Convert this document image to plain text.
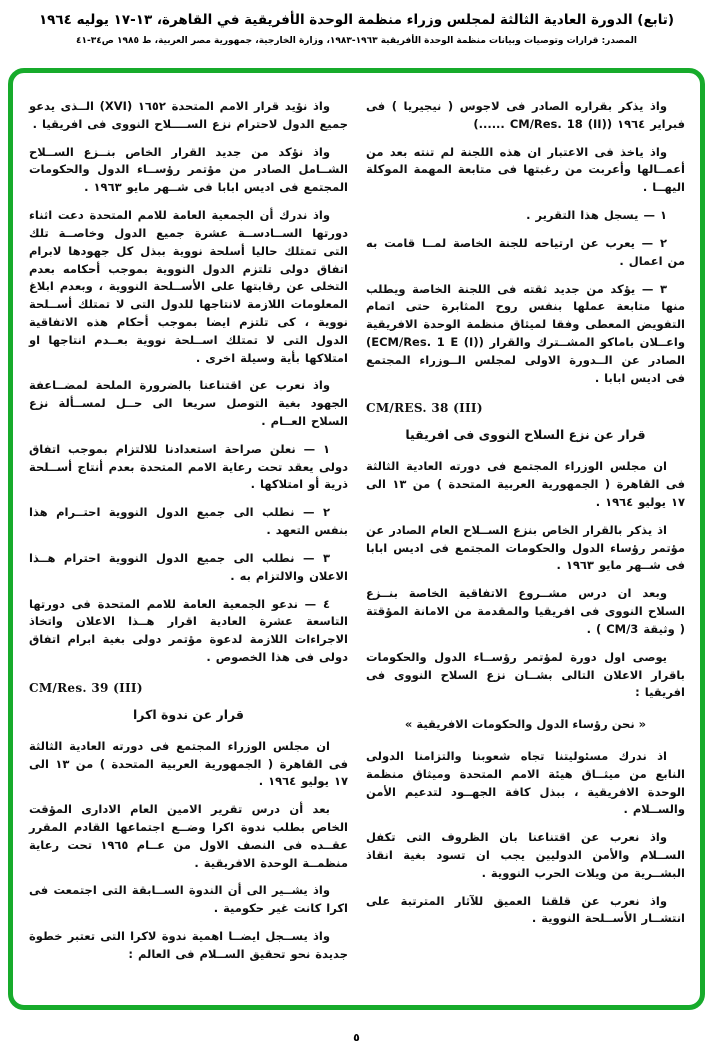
(تابع) الدورة العادية الثالثة لمجلس وزراء منظمة الوحدة الأفريقية في القاهرة، ١٣-١٧ يوليه ١٩٦٤
المصدر: قرارات وتوصيات وبيانات منظمة الوحدة الأفريقية ١٩٦٣-١٩٨٣، وزارة الخارجية، جمهورية مصر العربية، ط ١٩٨٥ ص٣٤-٤١

واذ يذكر بقراره الصادر فى لاجوس ( نيجيريا ) فى فبراير ١٩٦٤ (CM/Res. 18 (II) ......)

واذ ياخذ فى الاعتبار ان هذه اللجنة لم تنته بعد من أعمــالها وأعربت من رغبتها فى متابعة المهمة الموكلة اليهــا .

١ — يسجل هذا التقرير .

٢ — يعرب عن ارتياحه للجنة الخاصة لمــا قامت به من اعمال .

٣ — يؤكد من جديد ثقته فى اللجنة الخاصة ويطلب منها متابعة عملها بنفس روح المثابرة حتى اتمام التفويض المعطى وفقا لميثاق منظمة الوحدة الافريقية واعــلان باماكو المشــترك والقرار (ECM/Res. 1 E (I)) الصادر عن الــدورة الاولى لمجلس الــوزراء المجتمع فى اديس ابابا .

CM/RES. 38 (III)
قرار عن نزع السلاح النووى فى افريقيا

ان مجلس الوزراء المجتمع فى دورته العادية الثالثة فى القاهرة ( الجمهورية العربية المتحدة ) من ١٣ الى ١٧ يوليو ١٩٦٤ .

اذ يذكر بالقرار الخاص بنزع الســلاح العام الصادر عن مؤتمر رؤساء الدول والحكومات المجتمع فى اديس ابابا فى شــهر مايو ١٩٦٣ .

وبعد ان درس مشــروع الاتفاقية الخاصة بنــزع السلاح النووى فى افريقيا والمقدمة من الامانة المؤقتة ( وثيقة CM/3 ) .

يوصى اول دورة لمؤتمر رؤســاء الدول والحكومات باقرار الاعلان التالى بشــان نزع السلاح النووى فى افريقيا :

« نحن رؤساء الدول والحكومات الافريقية »

اذ ندرك مسئوليتنا تجاه شعوبنا والتزامنا الدولى النابع من ميثــاق هيئة الامم المتحدة وميثاق منظمة الوحدة الافريقية ، ببذل كافة الجهــود لتدعيم الأمن والســلام .

واذ نعرب عن اقتناعنا بان الظروف التى تكفل الســلام والأمن الدوليين يجب ان تسود بغية انقاذ البشــرية من ويلات الحرب النووية .

واذ نعرب عن قلقنا العميق للآثار المترتبة على انتشــار الأســلحة النووية .

واذ نؤيد قرار الامم المتحدة ١٦٥٢ (XVI) الــذى يدعو جميع الدول لاحترام نزع الســــلاح النووى فى افريقيا .

واذ نؤكد من جديد القرار الخاص بنــزع الســلاح الشــامل الصادر من مؤتمر رؤســاء الدول والحكومات المجتمع فى اديس ابابا فى شــهر مايو ١٩٦٣ .

واذ ندرك أن الجمعية العامة للامم المتحدة دعت اثناء دورتها الســادســة عشرة جميع الدول وخاصــة تلك التى تمتلك حاليا أسلحة نووية ببذل كل جهودها لابرام اتفاق دولى تلتزم الدول النووية بموجب أحكامه بعدم التخلى عن رقابتها على الأســلحة النووية ، وبعدم ابلاغ المعلومات اللازمة لانتاجها للدول التى لا تمتلك أســلحة نووية ، كى تلتزم ايضا بموجب أحكام هذه الاتفاقية الدول التى لا تمتلك اســلحة نووية بعــدم انتاجها او امتلاكها بأية وسيلة اخرى .

واذ نعرب عن اقتناعنا بالضرورة الملحة لمضــاعفة الجهود بغية التوصل سريعا الى حــل لمســألة نزع السلاح العــام .

١ — نعلن صراحة استعدادنا للالتزام بموجب اتفاق دولى يعقد تحت رعاية الامم المتحدة بعدم أنتاج أســلحة ذرية أو امتلاكها .

٢ — نطلب الى جميع الدول النووية احتــرام هذا بنفس التعهد .

٣ — نطلب الى جميع الدول النووية احترام هــذا الاعلان والالتزام به .

٤ — ندعو الجمعية العامة للامم المتحدة فى دورتها التاسعة عشرة العادية اقرار هــذا الاعلان واتخاذ الاجراءات اللازمة لدعوة مؤتمر دولى بغية ابرام اتفاق دولى فى هذا الخصوص .

CM/Res. 39 (III)
قرار عن ندوة اكرا

ان مجلس الوزراء المجتمع فى دورته العادية الثالثة فى القاهرة ( الجمهورية العربية المتحدة ) من ١٣ الى ١٧ يوليو ١٩٦٤ .

بعد أن درس تقرير الامين العام الادارى المؤقت الخاص بطلب ندوة اكرا وضــع اجتماعها القادم المقرر عقــده فى النصف الاول من عــام ١٩٦٥ تحت رعاية منظمــة الوحدة الافريقية .

واذ يشــير الى أن الندوة الســابقة التى اجتمعت فى اكرا كانت غير حكومية .

واذ يســجل ايضــا اهمية ندوة لاكرا التى تعتبر خطوة جديدة نحو تحقيق الســلام فى العالم :

٥
